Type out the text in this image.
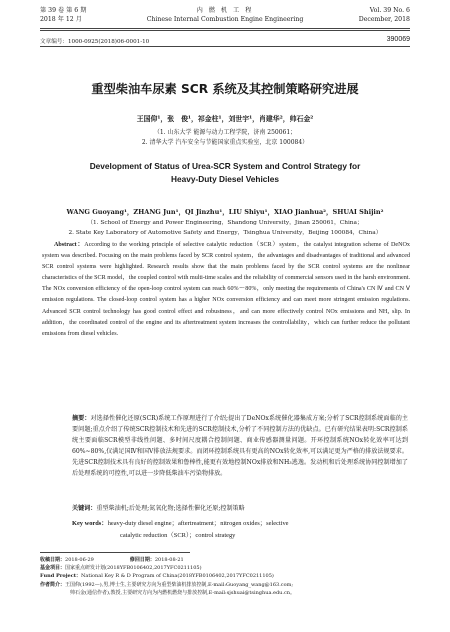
第 39 卷 第 6 期
2018 年 12 月
内 燃 机 工 程
Chinese Internal Combustion Engine Engineering
Vol. 39 No. 6
December, 2018
文章编号：1000-0925(2018)06-0001-10	390069
重型柴油车尿素 SCR 系统及其控制策略研究进展
王国仰¹，张　俊¹，祁金柱¹，刘世宇¹，肖建华²，帅石金²
（1. 山东大学 能源与动力工程学院，济南 250061；
2. 清华大学 汽车安全与节能国家重点实验室，北京 100084）
Development of Status of Urea-SCR System and Control Strategy for
Heavy-Duty Diesel Vehicles
WANG Guoyang¹，ZHANG Jun¹，QI Jinzhu¹，LIU Shiyu¹，XIAO Jianhua²，SHUAI Shijin²
（1. School of Energy and Power Engineering，Shandong University，Jinan 250061，China；
2. State Key Laboratory of Automotive Safety and Energy，Tsinghua University，Beijing 100084，China）
Abstract：According to the working principle of selective catalytic reduction（SCR）system，the catalyst integration scheme of DeNOx system was described. Focusing on the main problems faced by SCR control system，the advantages and disadvantages of traditional and advanced SCR control systems were highlighted. Research results show that the main problems faced by the SCR control systems are the nonlinear characteristics of the SCR model，the coupled control with multi-time scales and the reliability of commercial sensors used in the harsh environment. The NOx conversion efficiency of the open-loop control system can reach 60%～80%，only meeting the requirements of China's CN Ⅳ and CN Ⅴ emission regulations. The closed-loop control system has a higher NOx conversion efficiency and can meet more stringent emission regulations. Advanced SCR control technology has good control effect and robustness，and can more effectively control NOx emissions and NH₃ slip. In addition，the coordinated control of the engine and its aftertreatment system increases the controllability，which can further reduce the pollutant emissions from diesel vehicles.
摘要：对选择性催化还原(SCR)系统工作原理进行了介绍;提出了DeNOx系统催化器集成方案;分析了SCR控制系统面临的主要问题;重点介绍了传统SCR控制技术和先进的SCR控制技术,分析了不同控制方法的优缺点。已有研究结果表明:SCR控制系统主要面临SCR模型非线性问题、多时间尺度耦合控制问题、商业传感器测量问题。开环控制系统NOx转化效率可达到60%~80%,仅满足国Ⅳ和国Ⅴ排放法规要求。而闭环控制系统具有更高的NOx转化效率,可以满足更为严格的排放法规要求。先进SCR控制技术具有良好的控制效果和鲁棒性,能更有效地控制NOx排放和NH₃逃逸。发动机和后处理系统协同控制增加了后处理系统的可控性,可以进一步降低柴油车污染物排放。
关键词：重型柴油机;后处理;氮氧化物;选择性催化还原;控制策略
Key words：heavy-duty diesel engine；aftertreatment；nitrogen oxides；selective
catalytic reduction（SCR）；control strategy
收稿日期：2018-06-29	修回日期：2018-08-21
基金项目：国家重点研发计划(2018YFB0106402,2017YFC0211105)
Fund Project：National Key R & D Program of China(2018YFB0106402,2017YFC0211105)
作者简介：王国仰(1992—),男,博士生,主要研究方向为重型柴油机排放控制,E-mail:Guoyang_wang@163.com;
帅石金(通信作者),教授,主要研究方向为内燃机燃烧与排放控制,E-mail:sjshuai@tsinghua.edu.cn。
